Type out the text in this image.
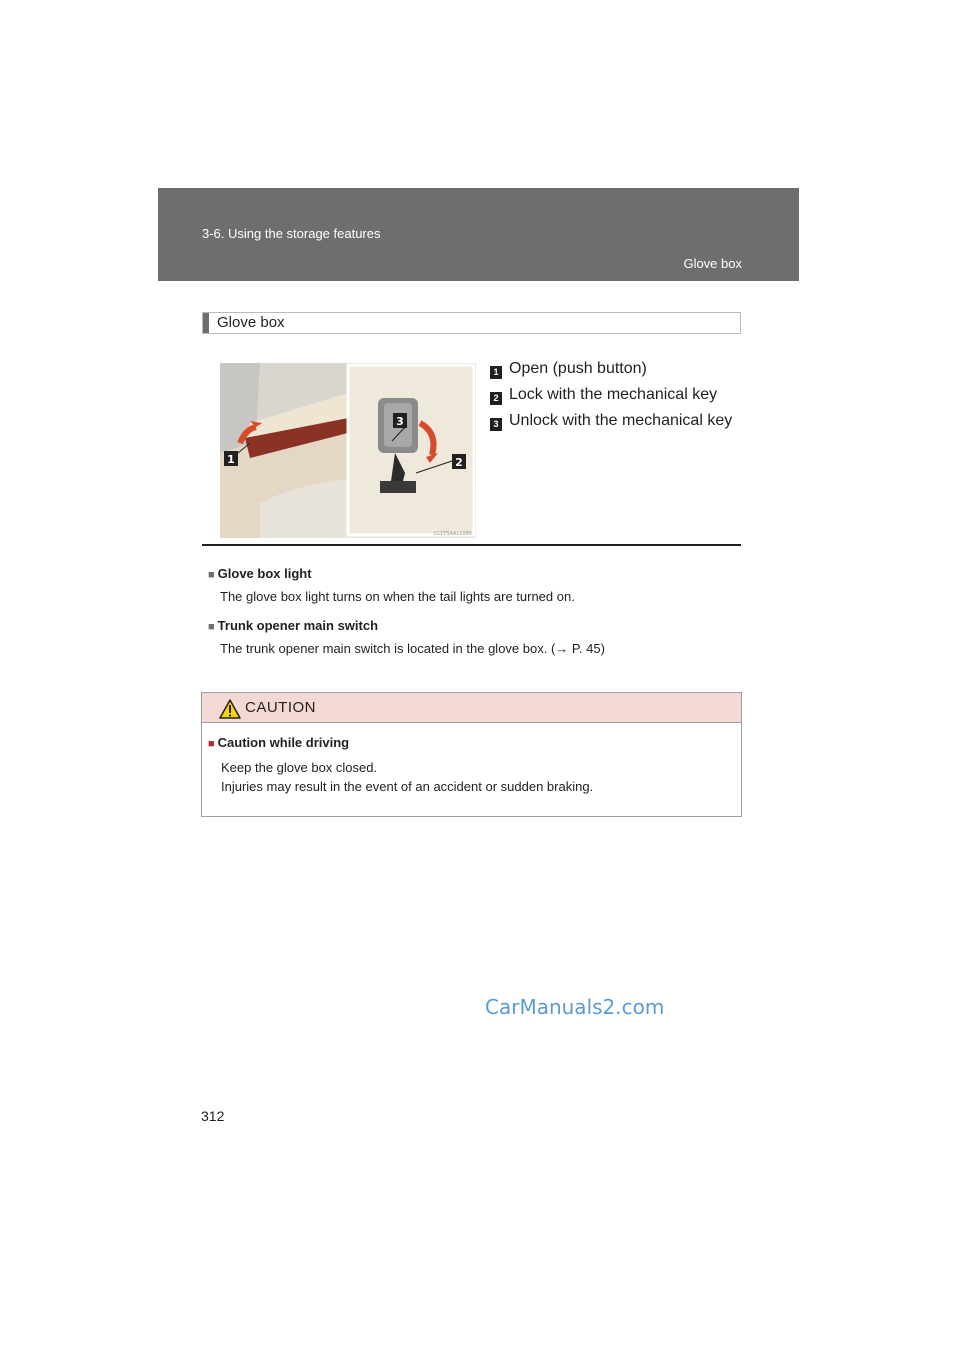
3-6. Using the storage features
Glove box
Glove box
1
3
2
CL1TSAAL1085
1 Open (push button)
2 Lock with the mechanical key
3 Unlock with the mechanical key
■ Glove box light
The glove box light turns on when the tail lights are turned on.
■ Trunk opener main switch
The trunk opener main switch is located in the glove box. (→ P. 45)
CAUTION
■ Caution while driving
Keep the glove box closed.
Injuries may result in the event of an accident or sudden braking.
312
CarManuals2.com
